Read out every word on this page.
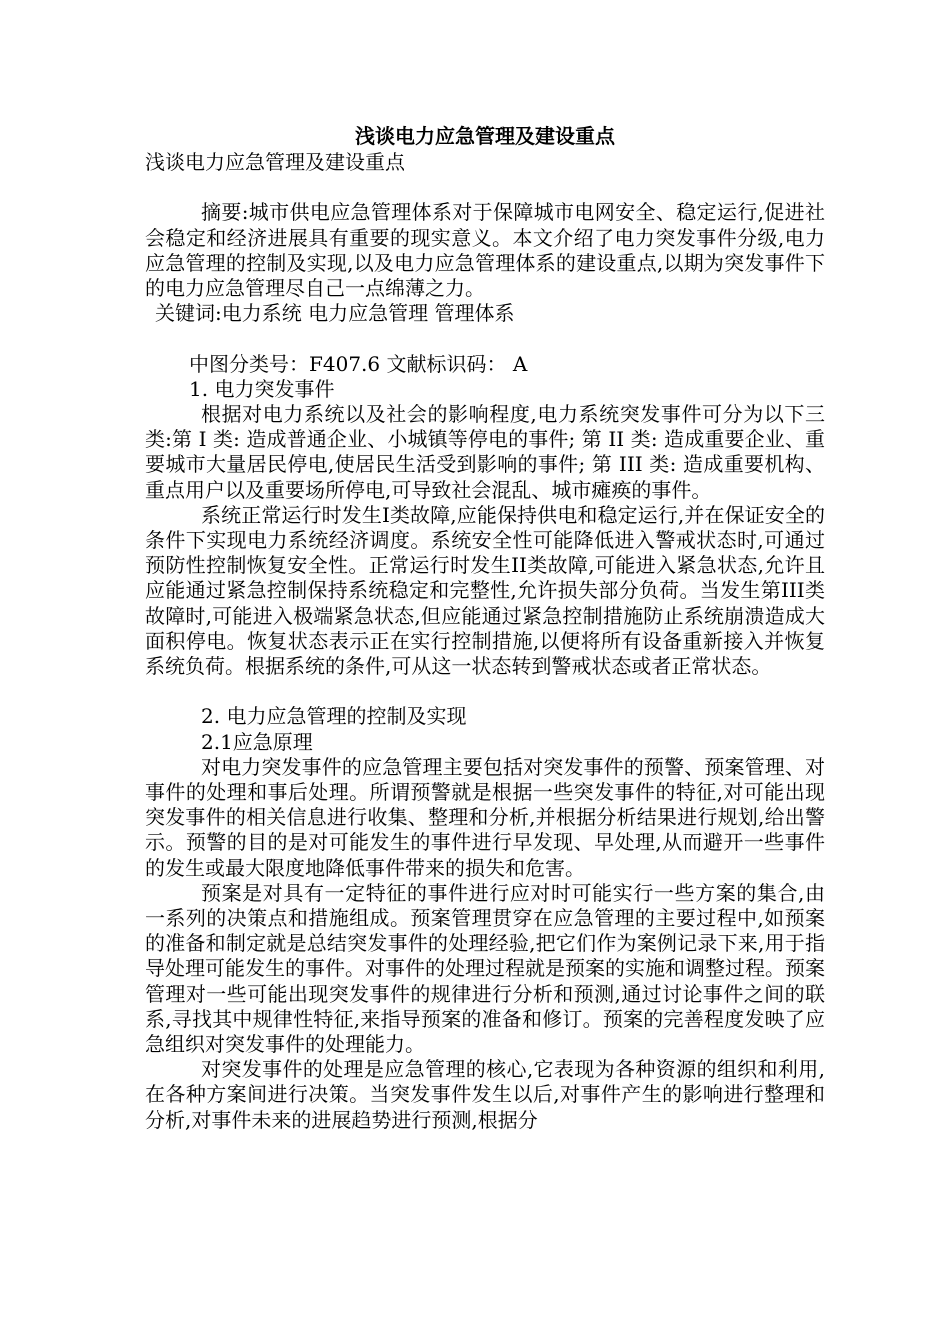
浅谈电力应急管理及建设重点

浅谈电力应急管理及建设重点

摘要:城市供电应急管理体系对于保障城市电网安全、稳定运行,促进社会稳定和经济进展具有重要的现实意义。本文介绍了电力突发事件分级,电力应急管理的控制及实现,以及电力应急管理体系的建设重点,以期为突发事件下的电力应急管理尽自己一点绵薄之力。

关键词:电力系统 电力应急管理 管理体系

中图分类号：F407.6 文献标识码： A

1. 电力突发事件

根据对电力系统以及社会的影响程度,电力系统突发事件可分为以下三类:第 I 类: 造成普通企业、小城镇等停电的事件; 第 II 类: 造成重要企业、重要城市大量居民停电,使居民生活受到影响的事件; 第 III 类: 造成重要机构、重点用户以及重要场所停电,可导致社会混乱、城市瘫痪的事件。

系统正常运行时发生I类故障,应能保持供电和稳定运行,并在保证安全的条件下实现电力系统经济调度。系统安全性可能降低进入警戒状态时,可通过预防性控制恢复安全性。正常运行时发生II类故障,可能进入紧急状态,允许且应能通过紧急控制保持系统稳定和完整性,允许损失部分负荷。当发生第III类故障时,可能进入极端紧急状态,但应能通过紧急控制措施防止系统崩溃造成大面积停电。恢复状态表示正在实行控制措施,以便将所有设备重新接入并恢复系统负荷。根据系统的条件,可从这一状态转到警戒状态或者正常状态。

2. 电力应急管理的控制及实现

2.1应急原理

对电力突发事件的应急管理主要包括对突发事件的预警、预案管理、对事件的处理和事后处理。所谓预警就是根据一些突发事件的特征,对可能出现突发事件的相关信息进行收集、整理和分析,并根据分析结果进行规划,给出警示。预警的目的是对可能发生的事件进行早发现、早处理,从而避开一些事件的发生或最大限度地降低事件带来的损失和危害。

预案是对具有一定特征的事件进行应对时可能实行一些方案的集合,由一系列的决策点和措施组成。预案管理贯穿在应急管理的主要过程中,如预案的准备和制定就是总结突发事件的处理经验,把它们作为案例记录下来,用于指导处理可能发生的事件。对事件的处理过程就是预案的实施和调整过程。预案管理对一些可能出现突发事件的规律进行分析和预测,通过讨论事件之间的联系,寻找其中规律性特征,来指导预案的准备和修订。预案的完善程度发映了应急组织对突发事件的处理能力。

对突发事件的处理是应急管理的核心,它表现为各种资源的组织和利用,在各种方案间进行决策。当突发事件发生以后,对事件产生的影响进行整理和分析,对事件未来的进展趋势进行预测,根据分
